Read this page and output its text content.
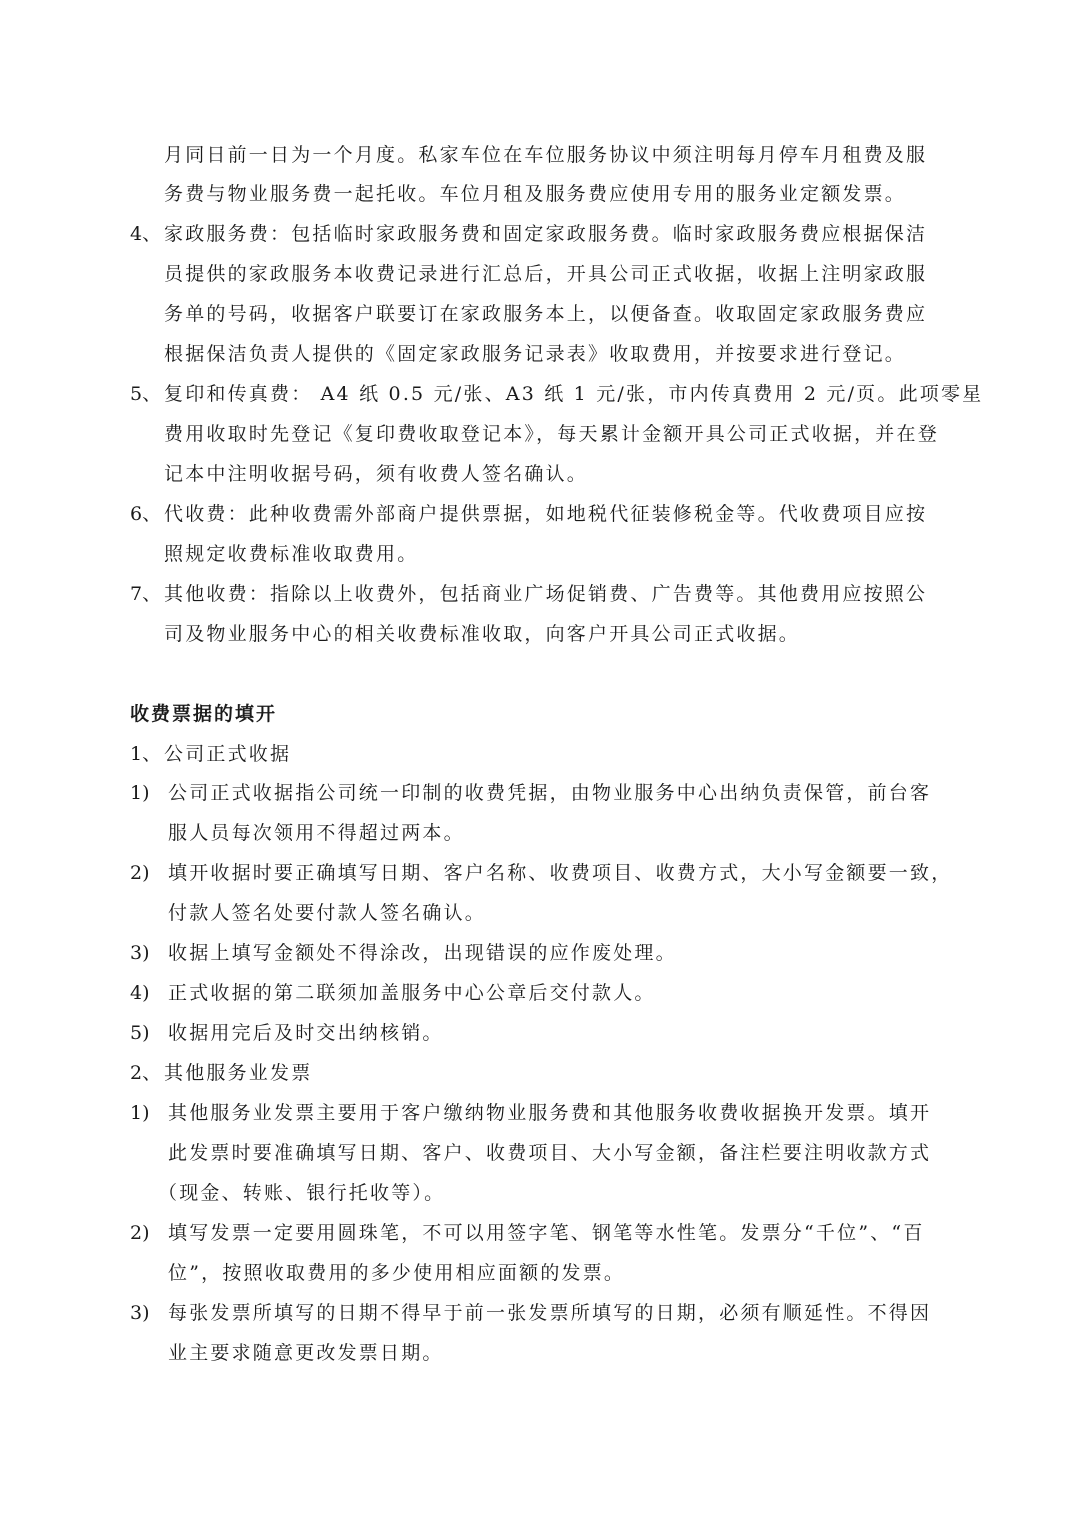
月同日前一日为一个月度。私家车位在车位服务协议中须注明每月停车月租费及服
务费与物业服务费一起托收。车位月租及服务费应使用专用的服务业定额发票。
4、 家政服务费：包括临时家政服务费和固定家政服务费。临时家政服务费应根据保洁
员提供的家政服务本收费记录进行汇总后，开具公司正式收据，收据上注明家政服
务单的号码，收据客户联要订在家政服务本上，以便备查。收取固定家政服务费应
根据保洁负责人提供的《固定家政服务记录表》收取费用，并按要求进行登记。
5、 复印和传真费： A4 纸 0.5 元/张、A3 纸 1 元/张，市内传真费用 2 元/页。此项零星
费用收取时先登记《复印费收取登记本》，每天累计金额开具公司正式收据，并在登
记本中注明收据号码，须有收费人签名确认。
6、 代收费：此种收费需外部商户提供票据，如地税代征装修税金等。代收费项目应按
照规定收费标准收取费用。
7、 其他收费：指除以上收费外，包括商业广场促销费、广告费等。其他费用应按照公
司及物业服务中心的相关收费标准收取，向客户开具公司正式收据。
收费票据的填开
1、 公司正式收据
1) 公司正式收据指公司统一印制的收费凭据，由物业服务中心出纳负责保管，前台客
服人员每次领用不得超过两本。
2) 填开收据时要正确填写日期、客户名称、收费项目、收费方式，大小写金额要一致，
付款人签名处要付款人签名确认。
3) 收据上填写金额处不得涂改，出现错误的应作废处理。
4) 正式收据的第二联须加盖服务中心公章后交付款人。
5) 收据用完后及时交出纳核销。
2、 其他服务业发票
1) 其他服务业发票主要用于客户缴纳物业服务费和其他服务收费收据换开发票。填开
此发票时要准确填写日期、客户、收费项目、大小写金额，备注栏要注明收款方式
（现金、转账、银行托收等）。
2) 填写发票一定要用圆珠笔，不可以用签字笔、钢笔等水性笔。发票分“千位”、“百
位”，按照收取费用的多少使用相应面额的发票。
3) 每张发票所填写的日期不得早于前一张发票所填写的日期，必须有顺延性。不得因
业主要求随意更改发票日期。
